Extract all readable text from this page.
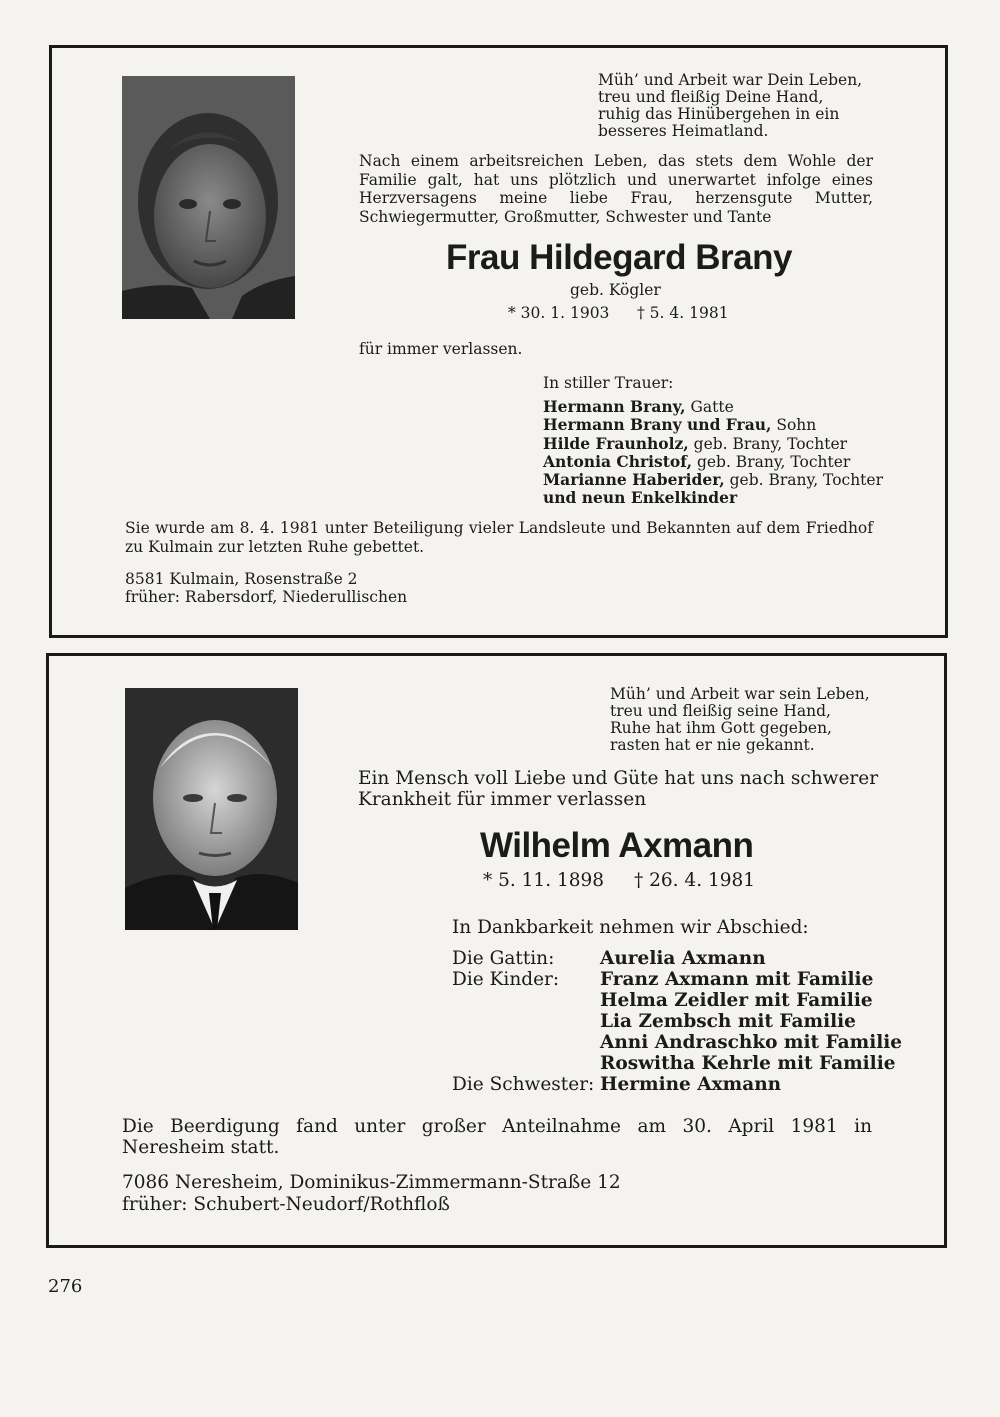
Müh’ und Arbeit war Dein Leben,
treu und fleißig Deine Hand,
ruhig das Hinübergehen in ein
besseres Heimatland.
Nach einem arbeitsreichen Leben, das stets dem Wohle der Familie galt, hat uns plötzlich und unerwartet infolge eines Herzversagens meine liebe Frau, herzensgute Mutter, Schwiegermutter, Großmutter, Schwester und Tante
Frau Hildegard Brany
geb. Kögler
* 30. 1. 1903 † 5. 4. 1981
für immer verlassen.
In stiller Trauer:
Hermann Brany, Gatte
Hermann Brany und Frau, Sohn
Hilde Fraunholz, geb. Brany, Tochter
Antonia Christof, geb. Brany, Tochter
Marianne Haberider, geb. Brany, Tochter
und neun Enkelkinder
Sie wurde am 8. 4. 1981 unter Beteiligung vieler Landsleute und Bekannten auf dem Friedhof zu Kulmain zur letzten Ruhe gebettet.
8581 Kulmain, Rosenstraße 2
früher: Rabersdorf, Niederullischen
Müh’ und Arbeit war sein Leben,
treu und fleißig seine Hand,
Ruhe hat ihm Gott gegeben,
rasten hat er nie gekannt.
Ein Mensch voll Liebe und Güte hat uns nach schwerer
Krankheit für immer verlassen
Wilhelm Axmann
* 5. 11. 1898 † 26. 4. 1981
In Dankbarkeit nehmen wir Abschied:
Die Gattin: Aurelia Axmann
Die Kinder: Franz Axmann mit Familie
Helma Zeidler mit Familie
Lia Zembsch mit Familie
Anni Andraschko mit Familie
Roswitha Kehrle mit Familie
Die Schwester: Hermine Axmann
Die Beerdigung fand unter großer Anteilnahme am 30. April 1981 in Neresheim statt.
7086 Neresheim, Dominikus-Zimmermann-Straße 12
früher: Schubert-Neudorf/Rothfloß
276
